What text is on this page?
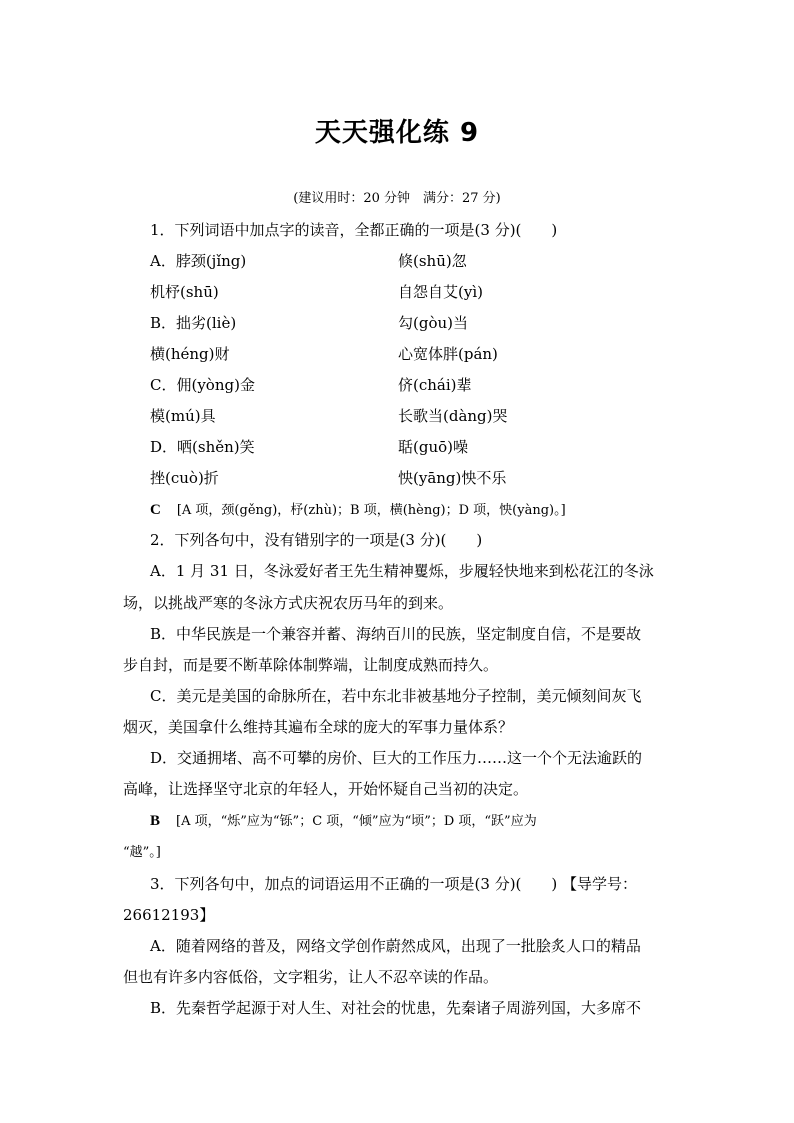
天天强化练 9
(建议用时：20 分钟　满分：27 分)
1．下列词语中加点字的读音，全都正确的一项是(3 分)(　　)
A．脖颈(jǐng)	倏(shū)忽
机杼(shū)	自怨自艾(yì)
B．拙劣(liè)	勾(gòu)当
横(héng)财	心宽体胖(pán)
C．佣(yòng)金	侪(chái)辈
模(mú)具	长歌当(dàng)哭
D．哂(shěn)笑	聒(guō)噪
挫(cuò)折	怏(yāng)怏不乐
C [A 项，颈(gěng)，杼(zhù)；B 项，横(hèng)；D 项，怏(yàng)。]
2．下列各句中，没有错别字的一项是(3 分)(　　)
A．1 月 31 日，冬泳爱好者王先生精神矍烁，步履轻快地来到松花江的冬泳
场，以挑战严寒的冬泳方式庆祝农历马年的到来。
B．中华民族是一个兼容并蓄、海纳百川的民族，坚定制度自信，不是要故
步自封，而是要不断革除体制弊端，让制度成熟而持久。
C．美元是美国的命脉所在，若中东北非被基地分子控制，美元倾刻间灰飞
烟灭，美国拿什么维持其遍布全球的庞大的军事力量体系？
D．交通拥堵、高不可攀的房价、巨大的工作压力……这一个个无法逾跃的
高峰，让选择坚守北京的年轻人，开始怀疑自己当初的决定。
B [A 项，“烁”应为“铄”；C 项，“倾”应为“顷”；D 项，“跃”应为
“越”。]
3．下列各句中，加点的词语运用不正确的一项是(3 分)(　　) 【导学号：
26612193】
A．随着网络的普及，网络文学创作蔚然成风，出现了一批脍炙人口的精品
但也有许多内容低俗，文字粗劣，让人不忍卒读的作品。
B．先秦哲学起源于对人生、对社会的忧患，先秦诸子周游列国，大多席不
